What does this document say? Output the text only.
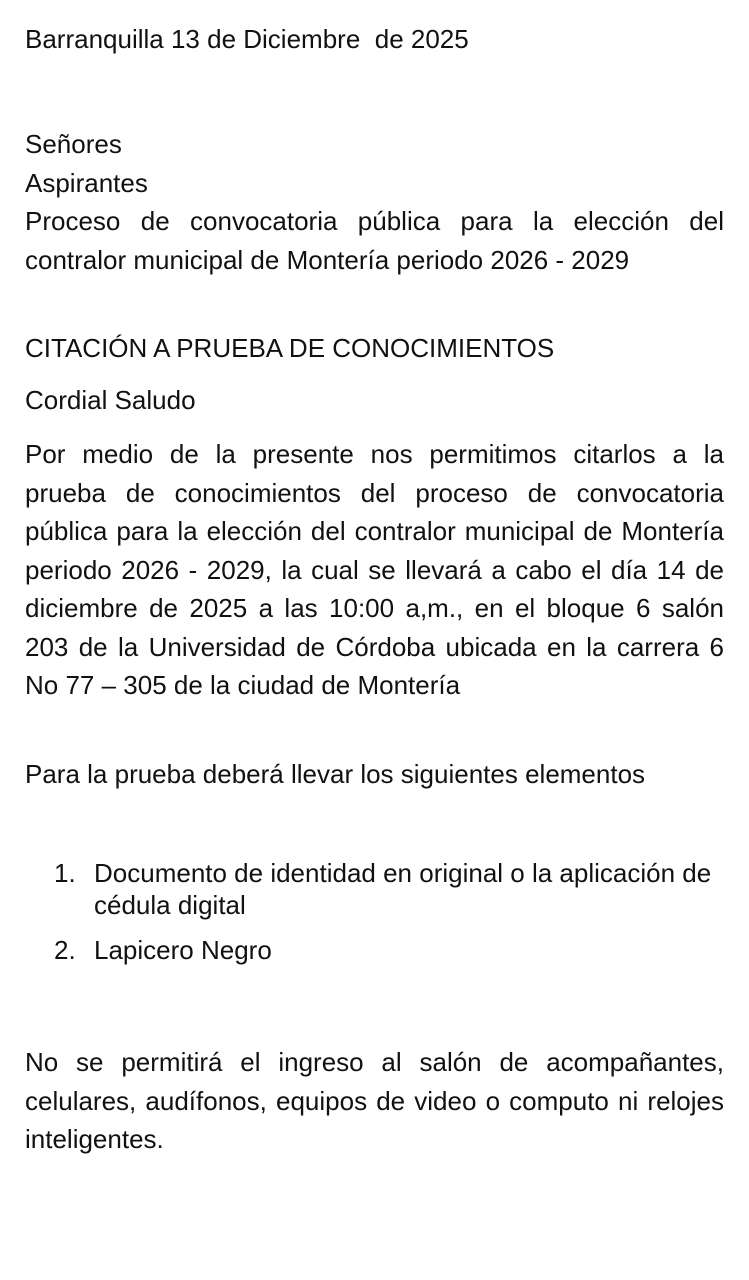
Barranquilla 13 de Diciembre  de 2025

Señores
Aspirantes
Proceso de convocatoria pública para la elección del contralor municipal de Montería periodo 2026 - 2029

CITACIÓN A PRUEBA DE CONOCIMIENTOS

Cordial Saludo

Por medio de la presente nos permitimos citarlos a la prueba de conocimientos del proceso de convocatoria pública para la elección del contralor municipal de Montería periodo 2026 - 2029, la cual se llevará a cabo el día 14 de diciembre de 2025 a las 10:00 a,m., en el bloque 6 salón 203 de la Universidad de Córdoba ubicada en la carrera 6 No 77 – 305 de la ciudad de Montería

Para la prueba deberá llevar los siguientes elementos

1. Documento de identidad en original o la aplicación de cédula digital
2. Lapicero Negro

No se permitirá el ingreso al salón de acompañantes, celulares, audífonos, equipos de video o computo ni relojes inteligentes.
